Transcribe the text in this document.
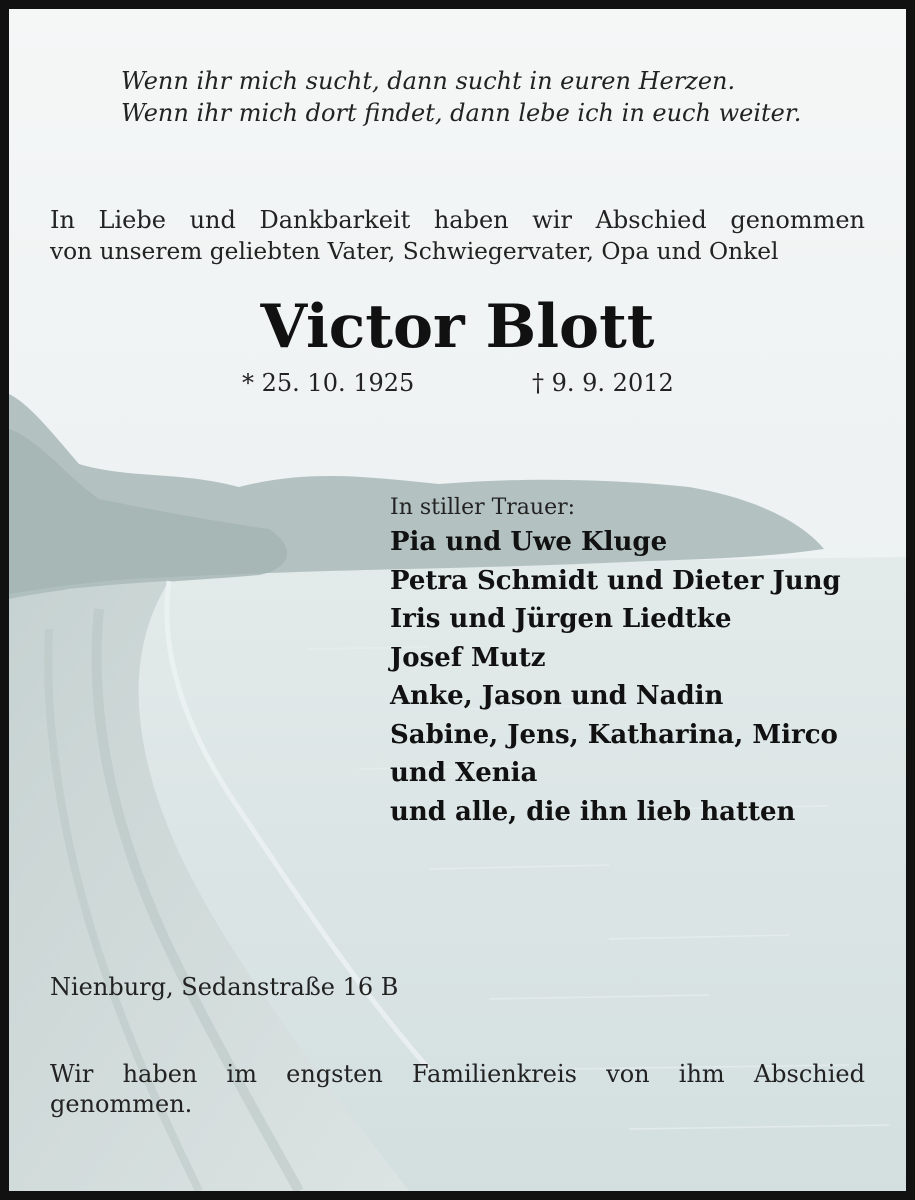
Wenn ihr mich sucht, dann sucht in euren Herzen.
Wenn ihr mich dort findet, dann lebe ich in euch weiter.
In Liebe und Dankbarkeit haben wir Abschied genommen
von unserem geliebten Vater, Schwiegervater, Opa und Onkel
Victor Blott
* 25. 10. 1925	† 9. 9. 2012
In stiller Trauer:
Pia und Uwe Kluge
Petra Schmidt und Dieter Jung
Iris und Jürgen Liedtke
Josef Mutz
Anke, Jason und Nadin
Sabine, Jens, Katharina, Mirco
und Xenia
und alle, die ihn lieb hatten
Nienburg, Sedanstraße 16 B
Wir haben im engsten Familienkreis von ihm Abschied
genommen.
